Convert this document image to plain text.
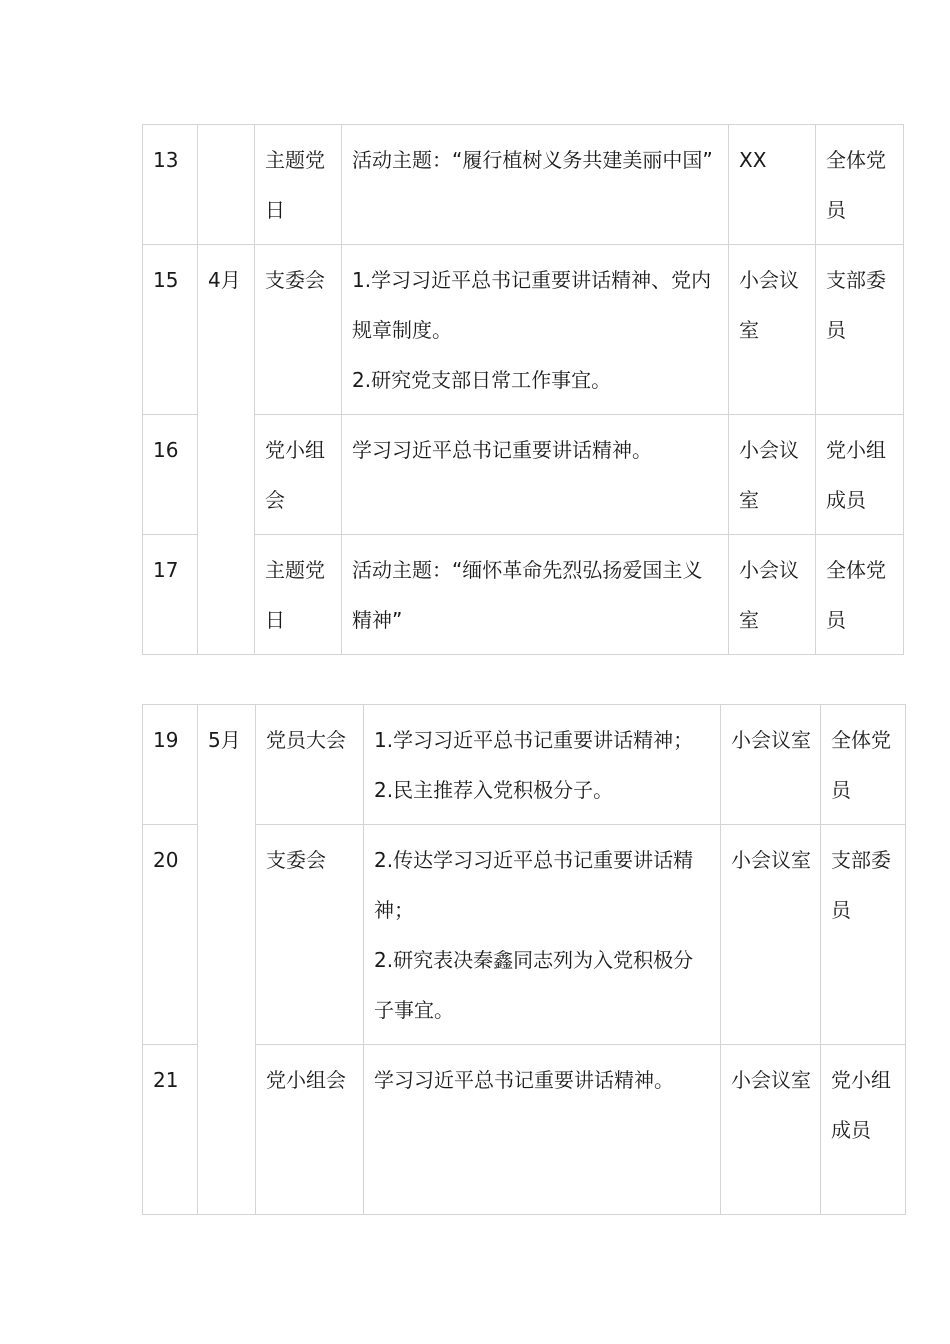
13		主题党日	活动主题：“履行植树义务共建美丽中国”	XX	全体党员
15	4月	支委会	1.学习习近平总书记重要讲话精神、党内规章制度。
2.研究党支部日常工作事宜。	小会议室	支部委员
16		党小组会	学习习近平总书记重要讲话精神。	小会议室	党小组成员
17		主题党日	活动主题：“缅怀革命先烈弘扬爱国主义精神”	小会议室	全体党员
19	5月	党员大会	1.学习习近平总书记重要讲话精神；2.民主推荐入党积极分子。	小会议室	全体党员
20		支委会	2.传达学习习近平总书记重要讲话精神；
2.研究表决秦鑫同志列为入党积极分子事宜。	小会议室	支部委员
21		党小组会	学习习近平总书记重要讲话精神。	小会议室	党小组成员
